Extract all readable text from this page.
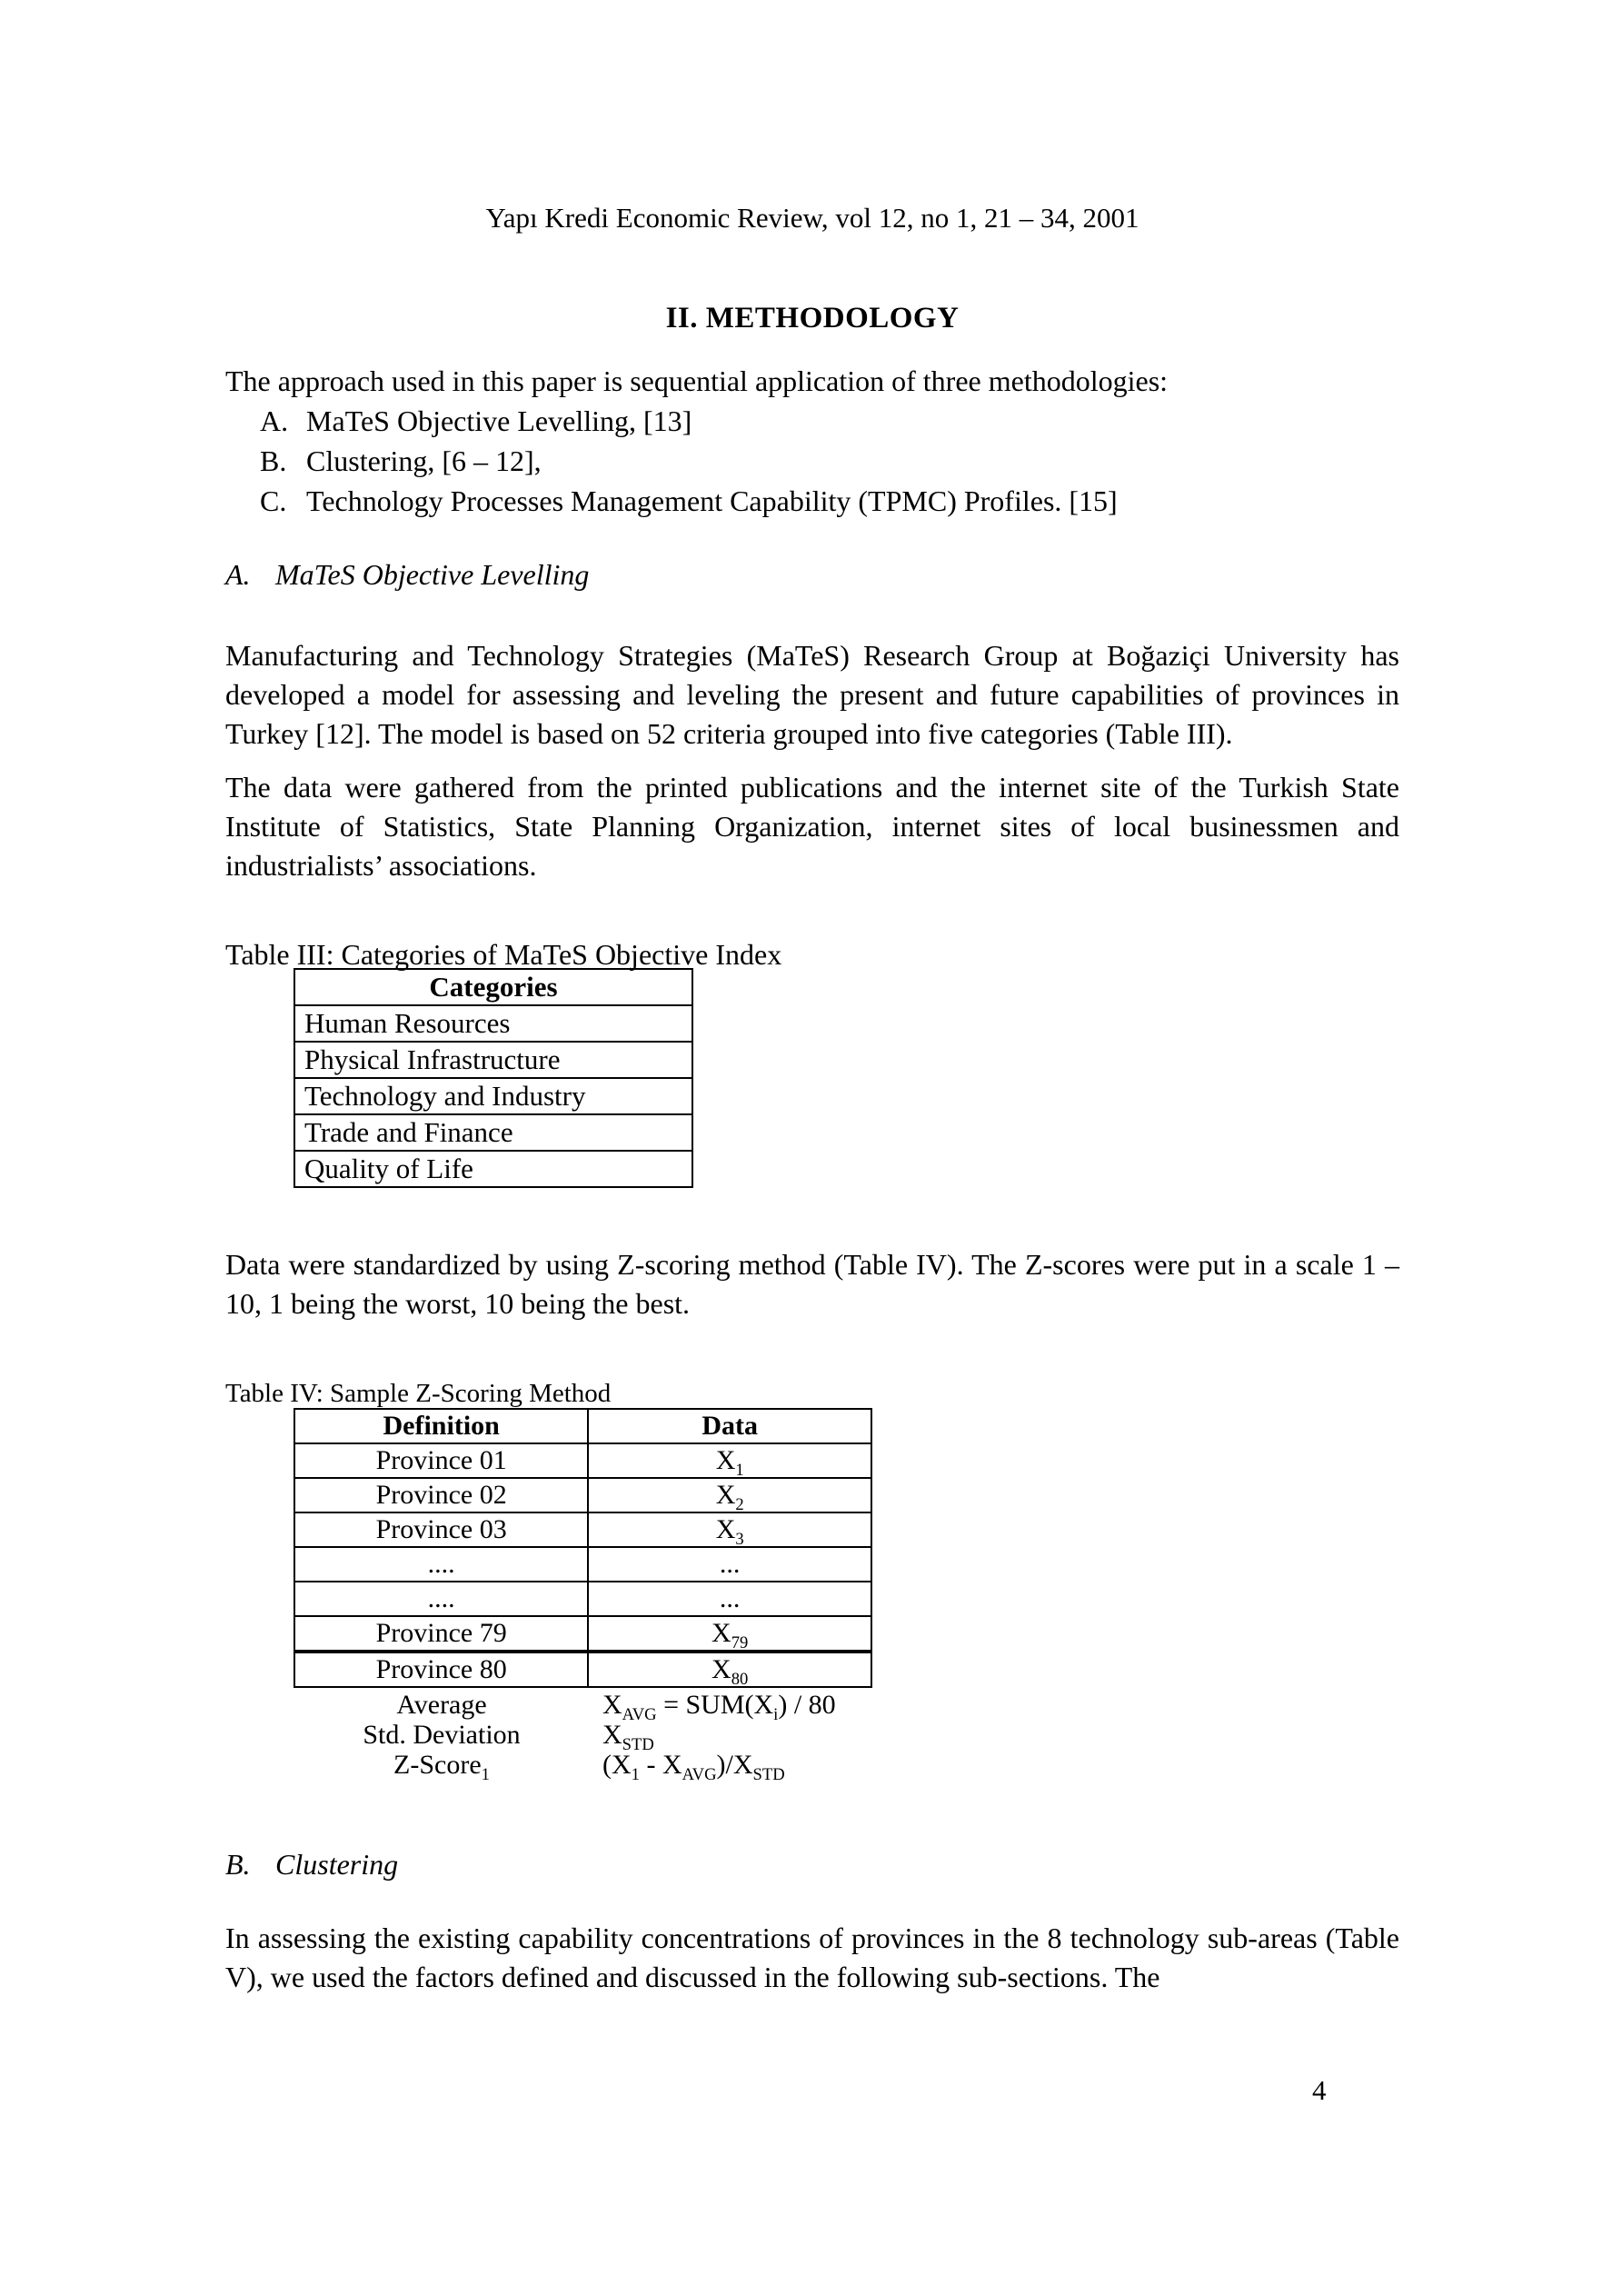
Yapı Kredi Economic Review, vol 12, no 1, 21 – 34, 2001
II. METHODOLOGY
The approach used in this paper is sequential application of three methodologies:
A. MaTeS Objective Levelling, [13]
B. Clustering, [6 – 12],
C. Technology Processes Management Capability (TPMC) Profiles. [15]
A. MaTeS Objective Levelling
Manufacturing and Technology Strategies (MaTeS) Research Group at Boğaziçi University has developed a model for assessing and leveling the present and future capabilities of provinces in Turkey [12]. The model is based on 52 criteria grouped into five categories (Table III).
The data were gathered from the printed publications and the internet site of the Turkish State Institute of Statistics, State Planning Organization, internet sites of local businessmen and industrialists’ associations.
Table III: Categories of MaTeS Objective Index
Categories
Human Resources
Physical Infrastructure
Technology and Industry
Trade and Finance
Quality of Life
Data were standardized by using Z-scoring method (Table IV). The Z-scores were put in a scale 1 – 10, 1 being the worst, 10 being the best.
Table IV: Sample Z-Scoring Method
Definition	Data
Province 01	$X_1$
Province 02	$X_2$
Province 03	$X_3$
....	...
....	...
Province 79	$X_{79}$
Province 80	$X_{80}$
Average	$X_{AVG} = SUM(X_i) / 80$
Std. Deviation	$X_{STD}$
Z-Score$_1$	$(X_1 - X_{AVG})/X_{STD}$
B. Clustering
In assessing the existing capability concentrations of provinces in the 8 technology sub-areas (Table V), we used the factors defined and discussed in the following sub-sections. The
4
